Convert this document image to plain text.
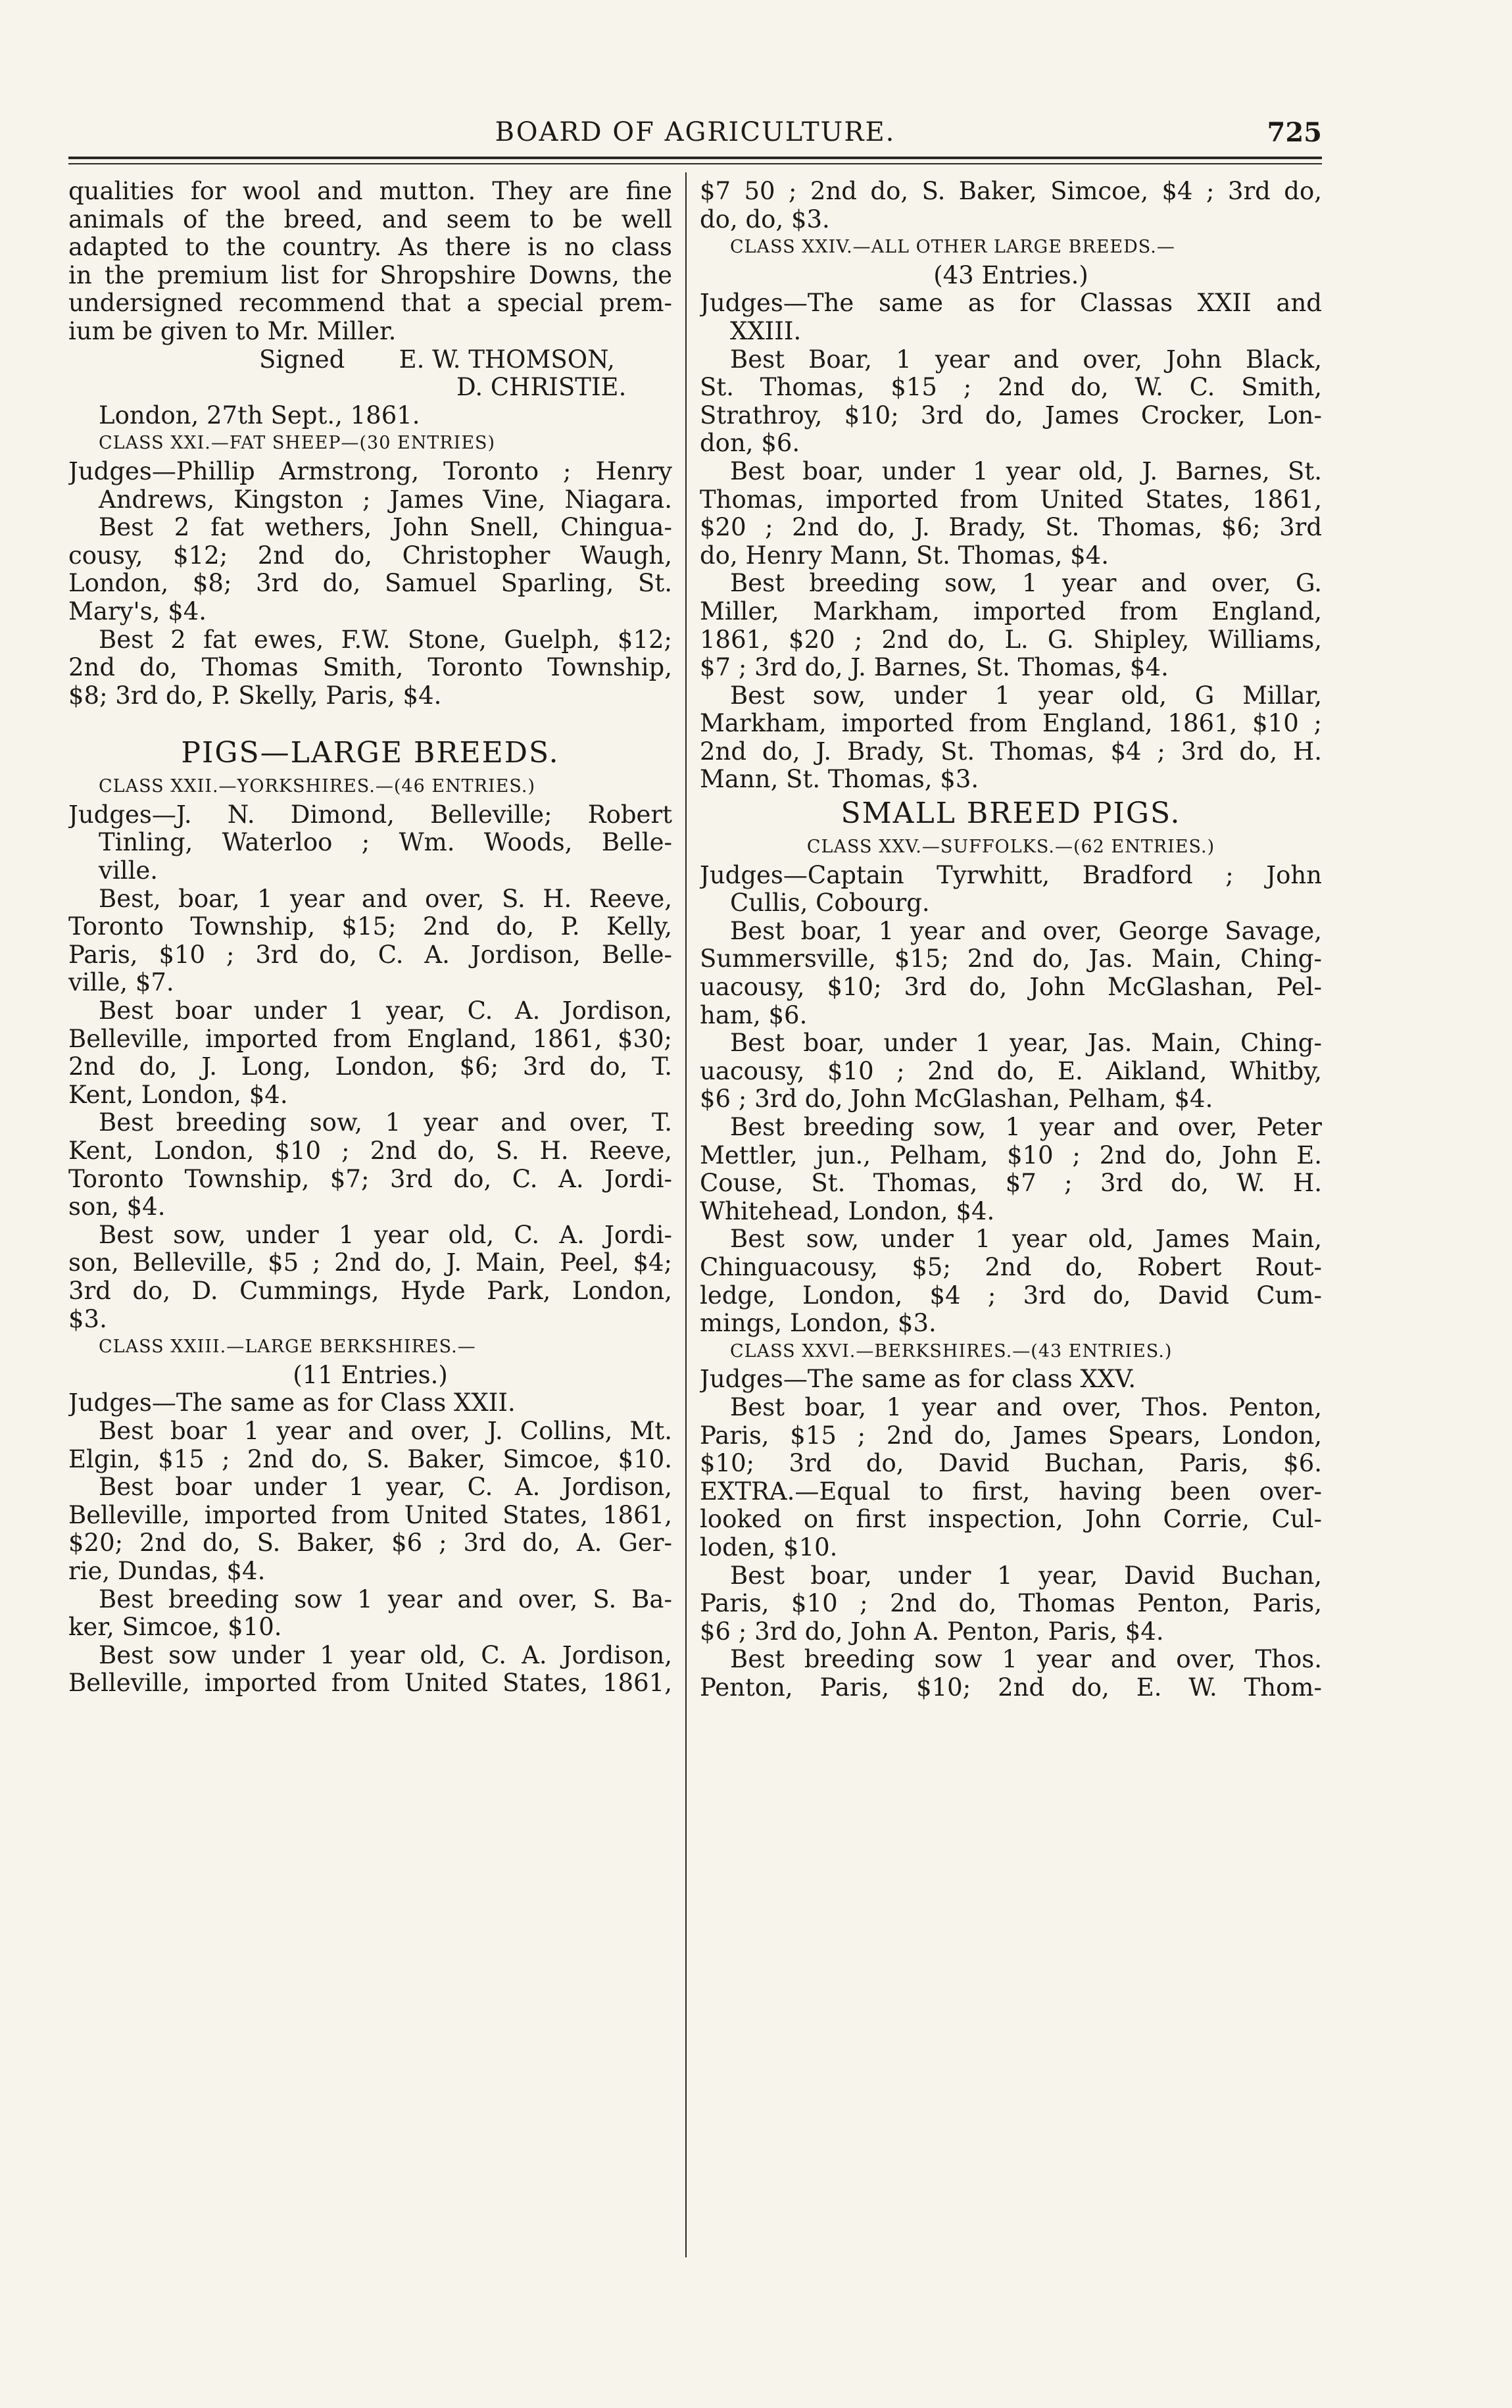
BOARD OF AGRICULTURE.	725

qualities for wool and mutton. They are fine

animals of the breed, and seem to be well

adapted to the country. As there is no class

in the premium list for Shropshire Downs, the

undersigned recommend that a special prem-

ium be given to Mr. Miller.

Signed       E. W. THOMSON,

D. CHRISTIE.

London, 27th Sept., 1861.

CLASS XXI.—FAT SHEEP—(30 ENTRIES)

Judges—Phillip Armstrong, Toronto ; Henry

Andrews, Kingston ; James Vine, Niagara.

Best 2 fat wethers, John Snell, Chingua-

cousy, $12; 2nd do, Christopher Waugh,

London, $8; 3rd do, Samuel Sparling, St.

Mary's, $4.

Best 2 fat ewes, F.W. Stone, Guelph, $12;

2nd do, Thomas Smith, Toronto Township,

$8; 3rd do, P. Skelly, Paris, $4.

PIGS—LARGE BREEDS.

CLASS XXII.—YORKSHIRES.—(46 ENTRIES.)

Judges—J. N. Dimond, Belleville; Robert

Tinling, Waterloo ; Wm. Woods, Belle-

ville.

Best, boar, 1 year and over, S. H. Reeve,

Toronto Township, $15; 2nd do, P. Kelly,

Paris, $10 ; 3rd do, C. A. Jordison, Belle-

ville, $7.

Best boar under 1 year, C. A. Jordison,

Belleville, imported from England, 1861, $30;

2nd do, J. Long, London, $6; 3rd do, T.

Kent, London, $4.

Best breeding sow, 1 year and over, T.

Kent, London, $10 ; 2nd do, S. H. Reeve,

Toronto Township, $7; 3rd do, C. A. Jordi-

son, $4.

Best sow, under 1 year old, C. A. Jordi-

son, Belleville, $5 ; 2nd do, J. Main, Peel, $4;

3rd do, D. Cummings, Hyde Park, London,

$3.

CLASS XXIII.—LARGE BERKSHIRES.—

(11 Entries.)

Judges—The same as for Class XXII.

Best boar 1 year and over, J. Collins, Mt.

Elgin, $15 ; 2nd do, S. Baker, Simcoe, $10.

Best boar under 1 year, C. A. Jordison,

Belleville, imported from United States, 1861,

$20; 2nd do, S. Baker, $6 ; 3rd do, A. Ger-

rie, Dundas, $4.

Best breeding sow 1 year and over, S. Ba-

ker, Simcoe, $10.

Best sow under 1 year old, C. A. Jordison,

Belleville, imported from United States, 1861,

$7 50 ; 2nd do, S. Baker, Simcoe, $4 ; 3rd do,

do, do, $3.

CLASS XXIV.—ALL OTHER LARGE BREEDS.—

(43 Entries.)

Judges—The same as for Classas XXII and

XXIII.

Best Boar, 1 year and over, John Black,

St. Thomas, $15 ; 2nd do, W. C. Smith,

Strathroy, $10; 3rd do, James Crocker, Lon-

don, $6.

Best boar, under 1 year old, J. Barnes, St.

Thomas, imported from United States, 1861,

$20 ; 2nd do, J. Brady, St. Thomas, $6; 3rd

do, Henry Mann, St. Thomas, $4.

Best breeding sow, 1 year and over, G.

Miller, Markham, imported from England,

1861, $20 ; 2nd do, L. G. Shipley, Williams,

$7 ; 3rd do, J. Barnes, St. Thomas, $4.

Best sow, under 1 year old, G Millar,

Markham, imported from England, 1861, $10 ;

2nd do, J. Brady, St. Thomas, $4 ; 3rd do, H.

Mann, St. Thomas, $3.

SMALL BREED PIGS.

CLASS XXV.—SUFFOLKS.—(62 ENTRIES.)

Judges—Captain Tyrwhitt, Bradford ; John

Cullis, Cobourg.

Best boar, 1 year and over, George Savage,

Summersville, $15; 2nd do, Jas. Main, Ching-

uacousy, $10; 3rd do, John McGlashan, Pel-

ham, $6.

Best boar, under 1 year, Jas. Main, Ching-

uacousy, $10 ; 2nd do, E. Aikland, Whitby,

$6 ; 3rd do, John McGlashan, Pelham, $4.

Best breeding sow, 1 year and over, Peter

Mettler, jun., Pelham, $10 ; 2nd do, John E.

Couse, St. Thomas, $7 ; 3rd do, W. H.

Whitehead, London, $4.

Best sow, under 1 year old, James Main,

Chinguacousy, $5; 2nd do, Robert Rout-

ledge, London, $4 ; 3rd do, David Cum-

mings, London, $3.

CLASS XXVI.—BERKSHIRES.—(43 ENTRIES.)

Judges—The same as for class XXV.

Best boar, 1 year and over, Thos. Penton,

Paris, $15 ; 2nd do, James Spears, London,

$10; 3rd do, David Buchan, Paris, $6.

EXTRA.—Equal to first, having been over-

looked on first inspection, John Corrie, Cul-

loden, $10.

Best boar, under 1 year, David Buchan,

Paris, $10 ; 2nd do, Thomas Penton, Paris,

$6 ; 3rd do, John A. Penton, Paris, $4.

Best breeding sow 1 year and over, Thos.

Penton, Paris, $10; 2nd do, E. W. Thom-
